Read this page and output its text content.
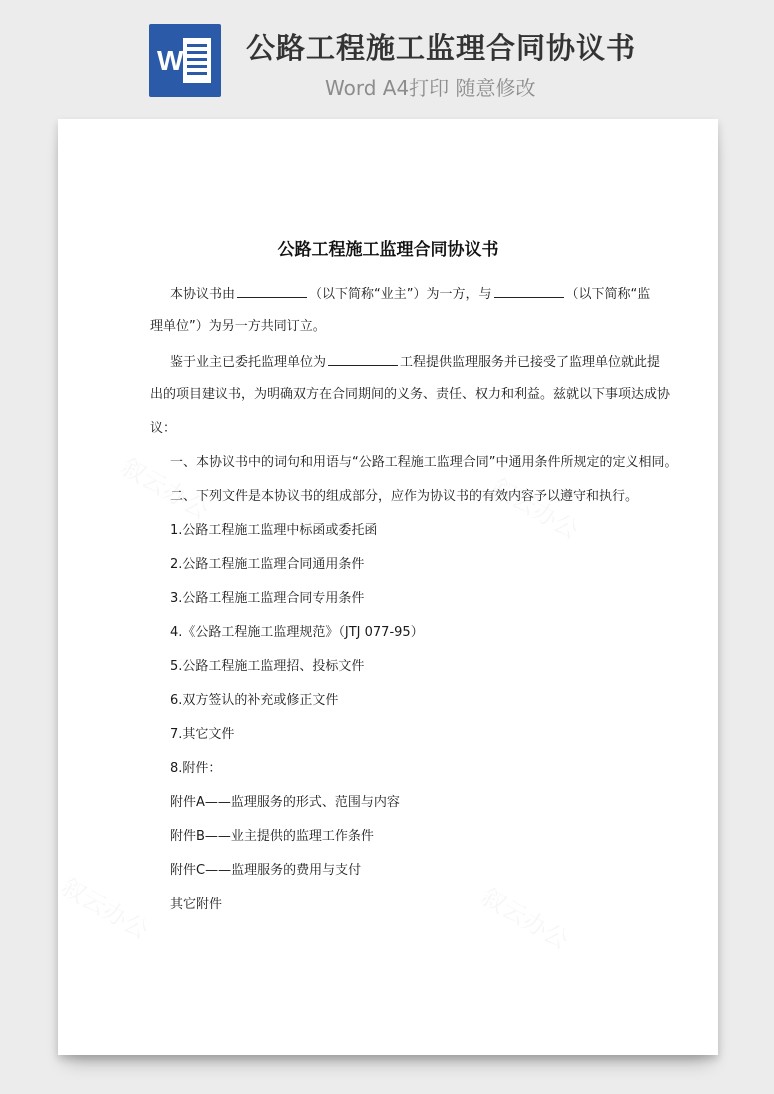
W 公路工程施工监理合同协议书
Word A4打印 随意修改
公路工程施工监理合同协议书
本协议书由	（以下简称“业主”）为一方，与	（以下简称“监
理单位”）为另一方共同订立。
鉴于业主已委托监理单位为	工程提供监理服务并已接受了监理单位就此提
出的项目建议书，为明确双方在合同期间的义务、责任、权力和利益。兹就以下事项达成协
议：
一、本协议书中的词句和用语与“公路工程施工监理合同”中通用条件所规定的定义相同。
二、下列文件是本协议书的组成部分，应作为协议书的有效内容予以遵守和执行。
1.公路工程施工监理中标函或委托函
2.公路工程施工监理合同通用条件
3.公路工程施工监理合同专用条件
4.《公路工程施工监理规范》（JTJ 077-95）
5.公路工程施工监理招、投标文件
6.双方签认的补充或修正文件
7.其它文件
8.附件：
附件A——监理服务的形式、范围与内容
附件B——业主提供的监理工作条件
附件C——监理服务的费用与支付
其它附件
